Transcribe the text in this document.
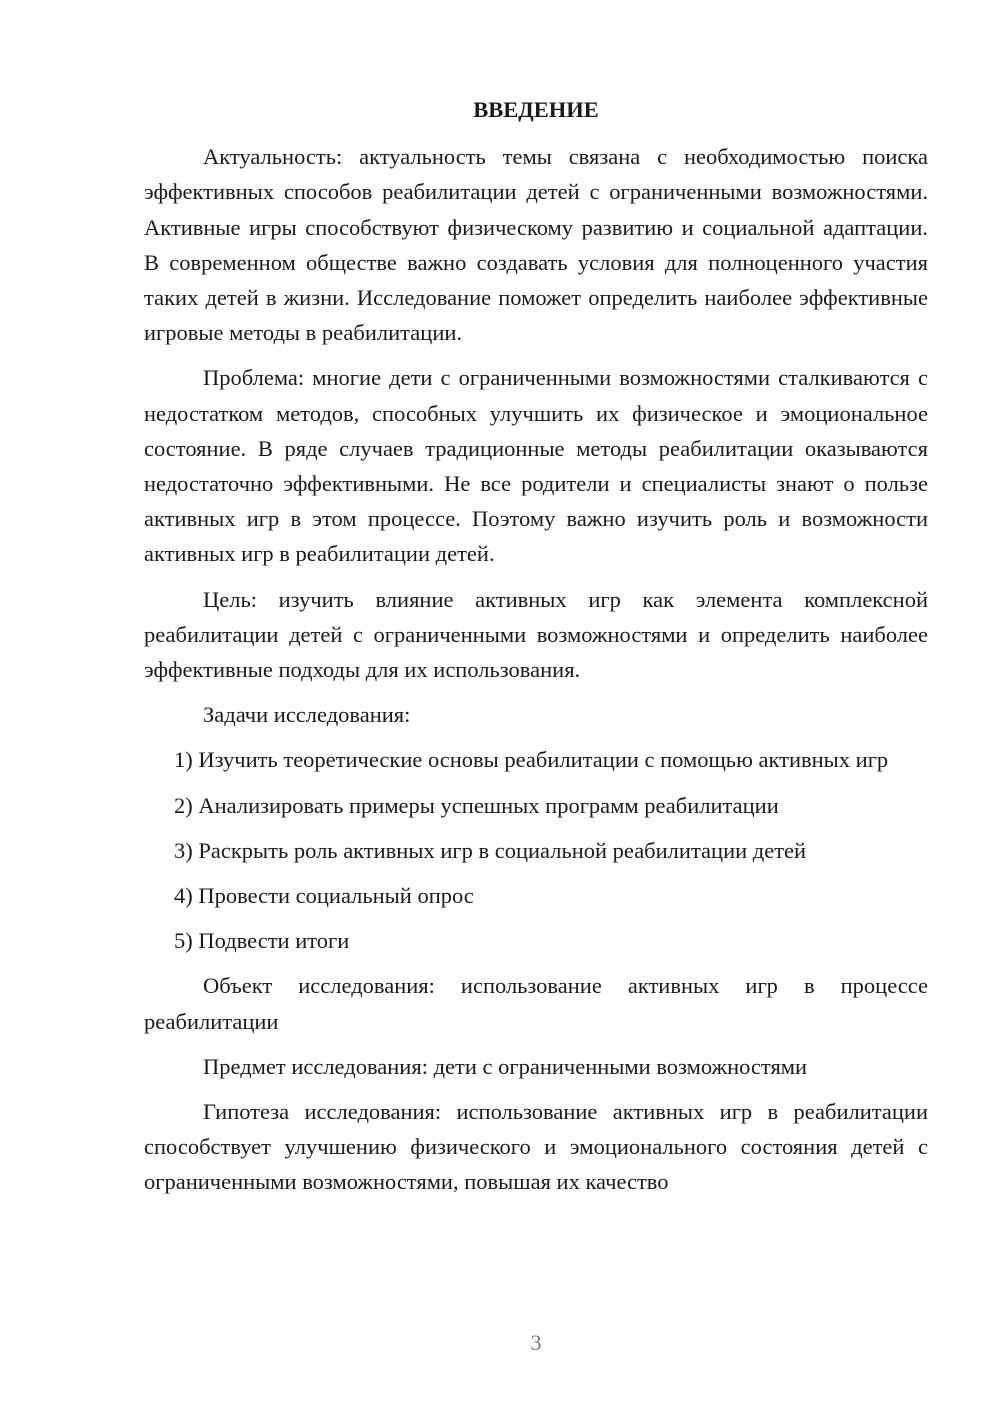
ВВЕДЕНИЕ

Актуальность: актуальность темы связана с необходимостью поиска эффективных способов реабилитации детей с ограниченными возможностями. Активные игры способствуют физическому развитию и социальной адаптации. В современном обществе важно создавать условия для полноценного участия таких детей в жизни. Исследование поможет определить наиболее эффективные игровые методы в реабилитации.

Проблема: многие дети с ограниченными возможностями сталкиваются с недостатком методов, способных улучшить их физическое и эмоциональное состояние. В ряде случаев традиционные методы реабилитации оказываются недостаточно эффективными. Не все родители и специалисты знают о пользе активных игр в этом процессе. Поэтому важно изучить роль и возможности активных игр в реабилитации детей.

Цель: изучить влияние активных игр как элемента комплексной реабилитации детей с ограниченными возможностями и определить наиболее эффективные подходы для их использования.

Задачи исследования:

1) Изучить теоретические основы реабилитации с помощью активных игр

2) Анализировать примеры успешных программ реабилитации

3) Раскрыть роль активных игр в социальной реабилитации детей

4) Провести социальный опрос

5) Подвести итоги

Объект исследования: использование активных игр в процессе реабилитации

Предмет исследования: дети с ограниченными возможностями

Гипотеза исследования: использование активных игр в реабилитации способствует улучшению физического и эмоционального состояния детей с ограниченными возможностями, повышая их качество

3
